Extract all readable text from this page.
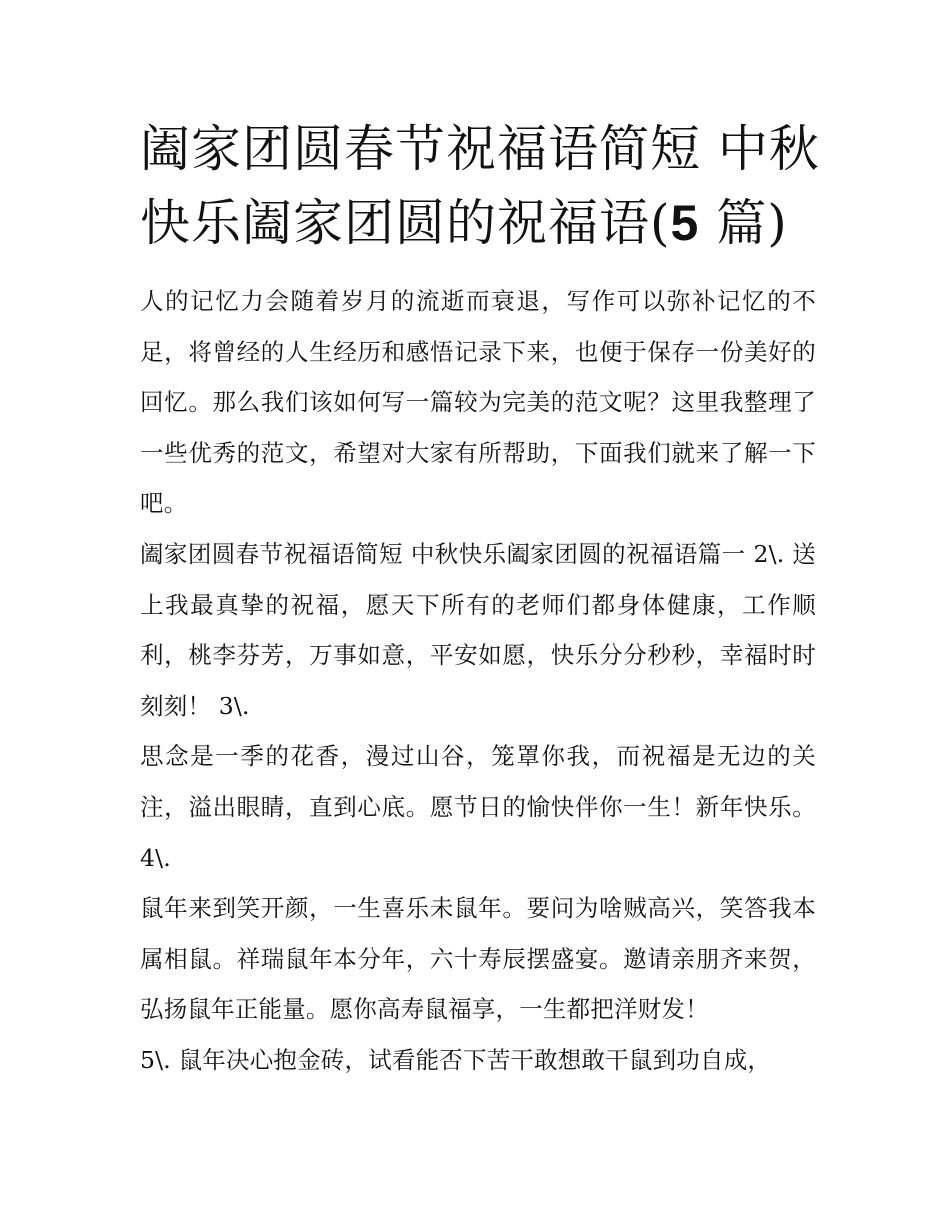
阖家团圆春节祝福语简短 中秋快乐阖家团圆的祝福语(5 篇)

人的记忆力会随着岁月的流逝而衰退，写作可以弥补记忆的不足，将曾经的人生经历和感悟记录下来，也便于保存一份美好的回忆。那么我们该如何写一篇较为完美的范文呢？这里我整理了一些优秀的范文，希望对大家有所帮助，下面我们就来了解一下吧。

阖家团圆春节祝福语简短 中秋快乐阖家团圆的祝福语篇一 2\. 送上我最真挚的祝福，愿天下所有的老师们都身体健康，工作顺利，桃李芬芳，万事如意，平安如愿，快乐分分秒秒，幸福时时刻刻！ 3\.

思念是一季的花香，漫过山谷，笼罩你我，而祝福是无边的关注，溢出眼睛，直到心底。愿节日的愉快伴你一生！新年快乐。 4\.

鼠年来到笑开颜，一生喜乐未鼠年。要问为啥贼高兴，笑答我本属相鼠。祥瑞鼠年本分年，六十寿辰摆盛宴。邀请亲朋齐来贺，弘扬鼠年正能量。愿你高寿鼠福享，一生都把洋财发！

5\. 鼠年决心抱金砖，试看能否下苦干敢想敢干鼠到功自成，
